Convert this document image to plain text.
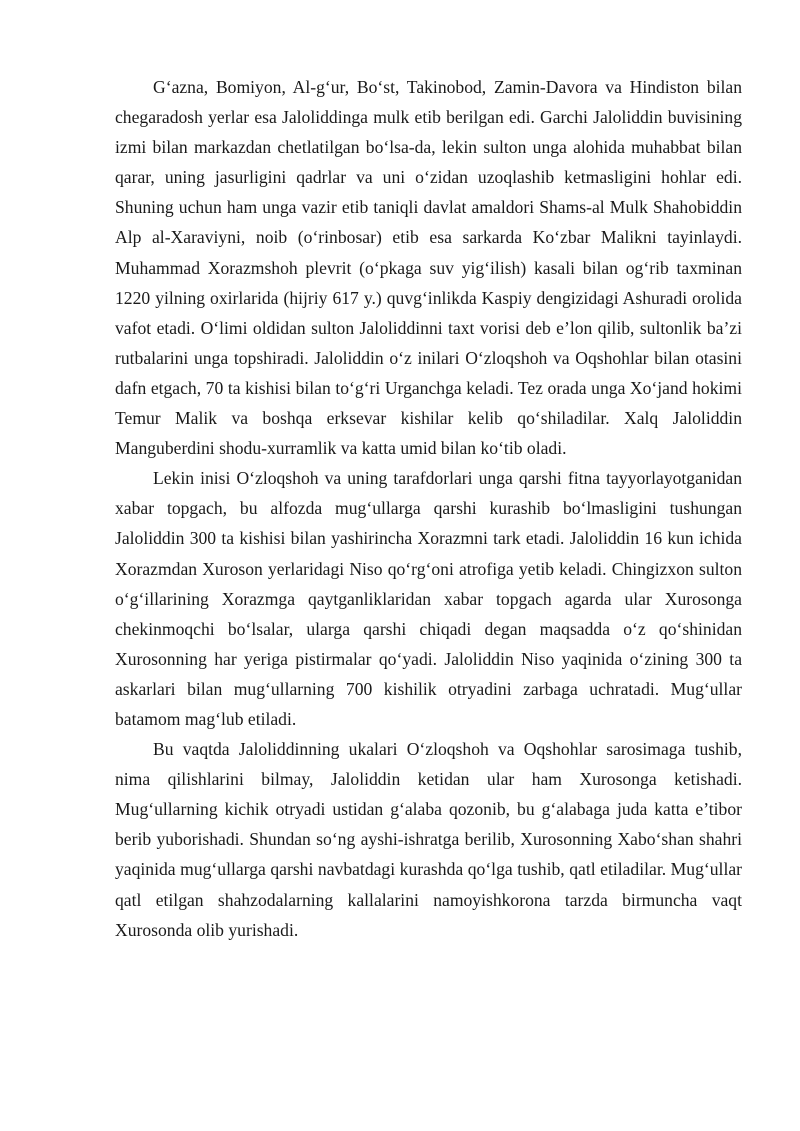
G‘azna, Bomiyon, Al-g‘ur, Bo‘st, Takinobod, Zamin-Davora va Hindiston bilan chegaradosh yerlar esa Jaloliddinga mulk etib berilgan edi. Garchi Jaloliddin buvisining izmi bilan markazdan chetlatilgan bo‘lsa-da, lekin sulton unga alohida muhabbat bilan qarar, uning jasurligini qadrlar va uni o‘zidan uzoqlashib ketmasligini hohlar edi. Shuning uchun ham unga vazir etib taniqli davlat amaldori Shams-al Mulk Shahobiddin Alp al-Xaraviyni, noib (o‘rinbosar) etib esa sarkarda Ko‘zbar Malikni tayinlaydi. Muhammad Xorazmshoh plevrit (o‘pkaga suv yig‘ilish) kasali bilan og‘rib taxminan 1220 yilning oxirlarida (hijriy 617 y.) quvg‘inlikda Kaspiy dengizidagi Ashuradi orolida vafot etadi. O‘limi oldidan sulton Jaloliddinni taxt vorisi deb e’lon qilib, sultonlik ba’zi rutbalarini unga topshiradi. Jaloliddin o‘z inilari O‘zloqshoh va Oqshohlar bilan otasini dafn etgach, 70 ta kishisi bilan to‘g‘ri Urganchga keladi. Tez orada unga Xo‘jand hokimi Temur Malik va boshqa erksevar kishilar kelib qo‘shiladilar. Xalq Jaloliddin Manguberdini shodu-xurramlik va katta umid bilan ko‘tib oladi.

Lekin inisi O‘zloqshoh va uning tarafdorlari unga qarshi fitna tayyorlayotganidan xabar topgach, bu alfozda mug‘ullarga qarshi kurashib bo‘lmasligini tushungan Jaloliddin 300 ta kishisi bilan yashirincha Xorazmni tark etadi. Jaloliddin 16 kun ichida Xorazmdan Xuroson yerlaridagi Niso qo‘rg‘oni atrofiga yetib keladi. Chingizxon sulton o‘g‘illarining Xorazmga qaytganliklaridan xabar topgach agarda ular Xurosonga chekinmoqchi bo‘lsalar, ularga qarshi chiqadi degan maqsadda o‘z qo‘shinidan Xurosonning har yeriga pistirmalar qo‘yadi. Jaloliddin Niso yaqinida o‘zining 300 ta askarlari bilan mug‘ullarning 700 kishilik otryadini zarbaga uchratadi. Mug‘ullar batamom mag‘lub etiladi.

Bu vaqtda Jaloliddinning ukalari O‘zloqshoh va Oqshohlar sarosimaga tushib, nima qilishlarini bilmay, Jaloliddin ketidan ular ham Xurosonga ketishadi. Mug‘ullarning kichik otryadi ustidan g‘alaba qozonib, bu g‘alabaga juda katta e’tibor berib yuborishadi. Shundan so‘ng ayshi-ishratga berilib, Xurosonning Xabo‘shan shahri yaqinida mug‘ullarga qarshi navbatdagi kurashda qo‘lga tushib, qatl etiladilar. Mug‘ullar qatl etilgan shahzodalarning kallalarini namoyishkorona tarzda birmuncha vaqt Xurosonda olib yurishadi.
